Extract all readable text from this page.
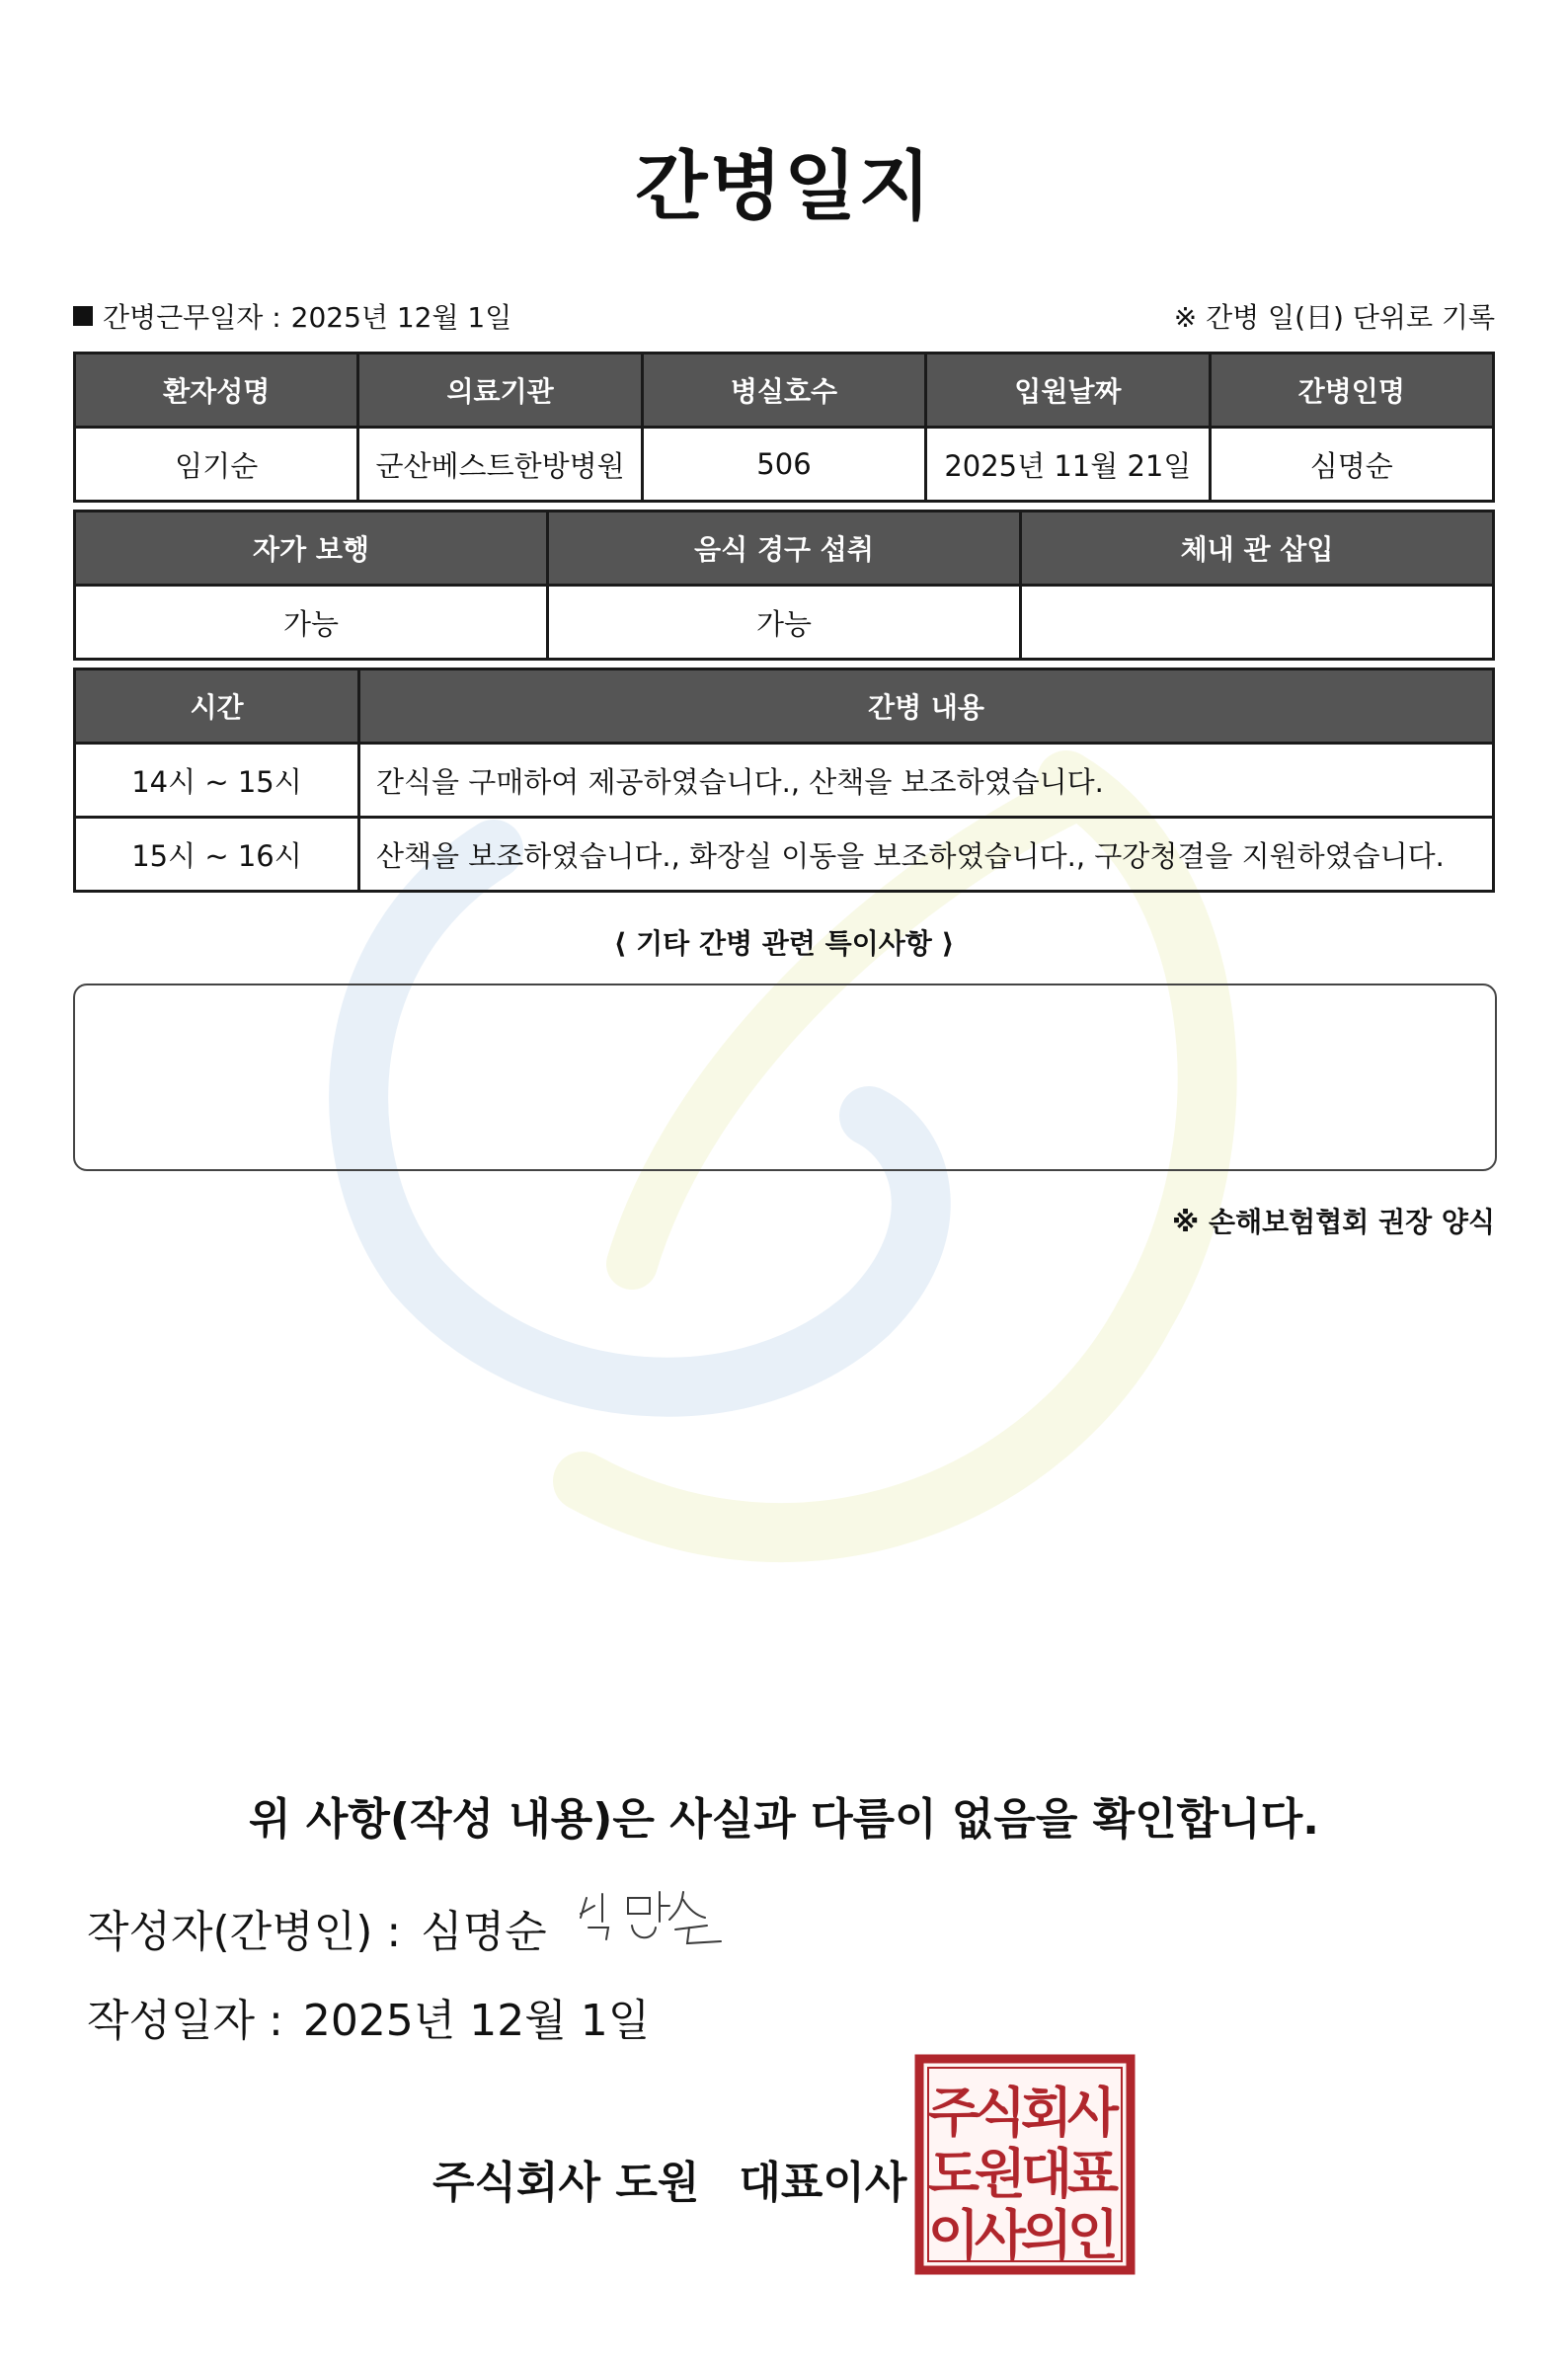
간병일지
간병근무일자 : 2025년 12월 1일	※ 간병 일(日) 단위로 기록
환자성명	의료기관	병실호수	입원날짜	간병인명
임기순	군산베스트한방병원	506	2025년 11월 21일	심명순
자가 보행	음식 경구 섭취	체내 관 삽입
가능	가능	
시간	간병 내용
14시 ~ 15시	간식을 구매하여 제공하였습니다., 산책을 보조하였습니다.
15시 ~ 16시	산책을 보조하였습니다., 화장실 이동을 보조하였습니다., 구강청결을 지원하였습니다.
⟨ 기타 간병 관련 특이사항 ⟩
※ 손해보험협회 권장 양식
위 사항(작성 내용)은 사실과 다름이 없음을 확인합니다.
작성자(간병인) : 심명순
작성일자 : 2025년 12월 1일
주식회사 도원 대표이사
주
식
회
사
도
원
대
표
이
사
의
인
